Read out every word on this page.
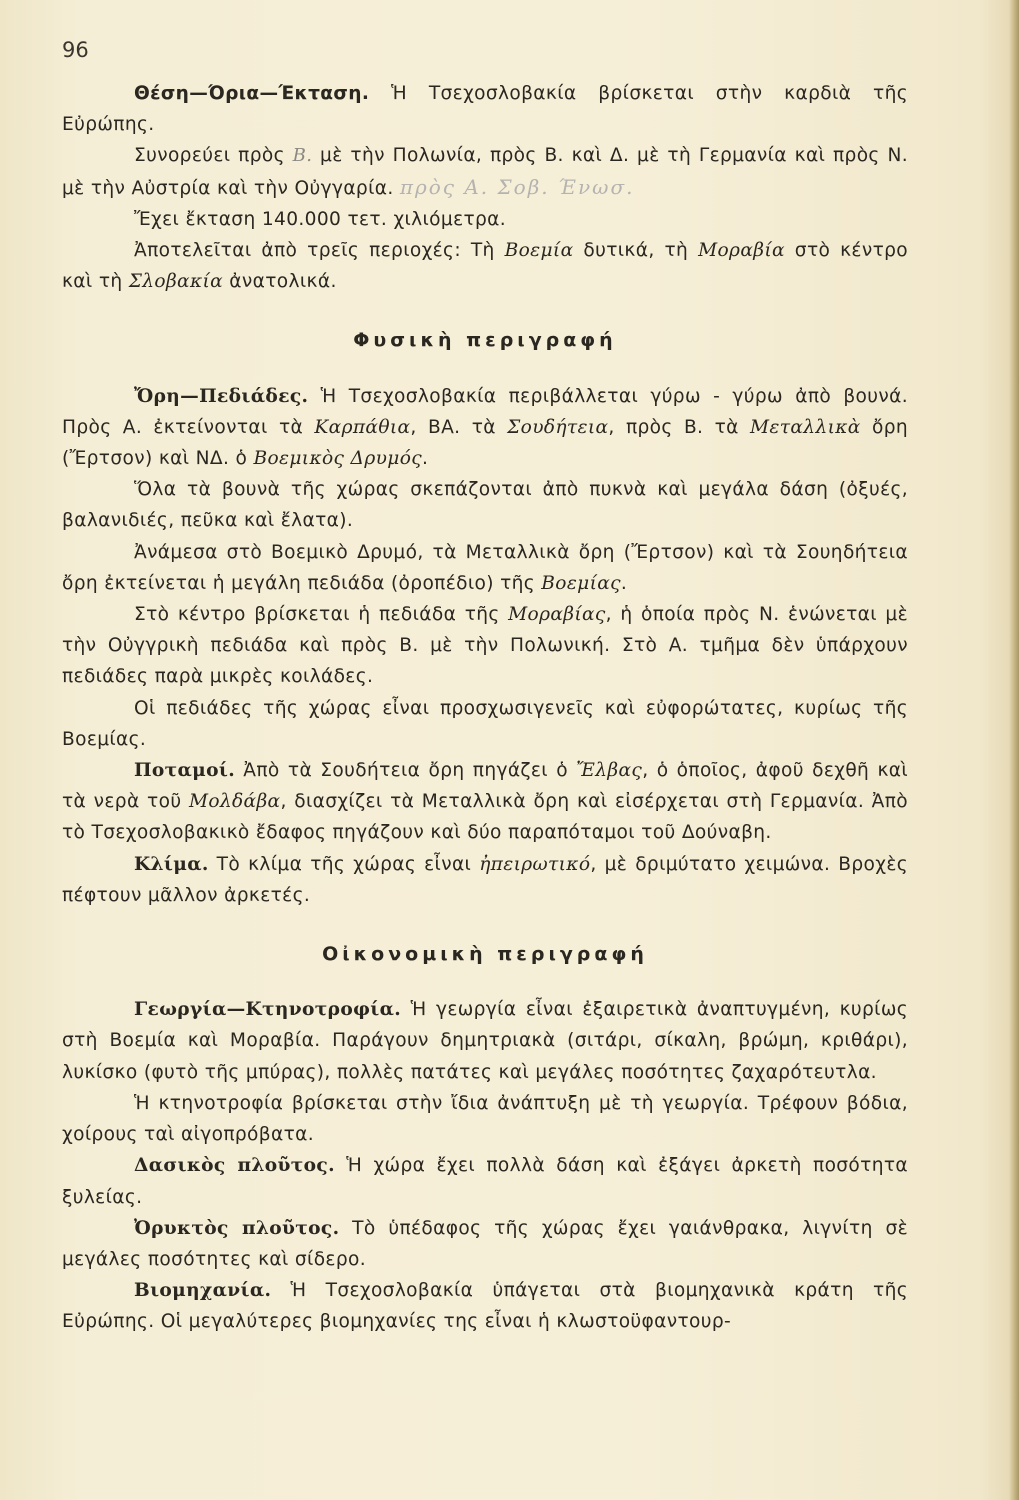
96

Θέση—Όρια—Έκταση. Ἡ Τσεχοσλοβακία βρίσκεται στὴν καρδιὰ τῆς Εὐρώπης.

Συνορεύει πρὸς Β. μὲ τὴν Πολωνία, πρὸς Β. καὶ Δ. μὲ τὴ Γερμανία καὶ πρὸς Ν. μὲ τὴν Αὐστρία καὶ τὴν Οὐγγαρία. πρὸς Α. Σοβ. Ένωσ.

Ἔχει ἔκταση 140.000 τετ. χιλιόμετρα.

Ἀποτελεῖται ἀπὸ τρεῖς περιοχές: Τὴ Βοεμία δυτικά, τὴ Μοραβία στὸ κέντρο καὶ τὴ Σλοβακία ἀνατολικά.

Φυσικὴ περιγραφή

Ὄρη—Πεδιάδες. Ἡ Τσεχοσλοβακία περιβάλλεται γύρω - γύρω ἀπὸ βουνά. Πρὸς Α. ἐκτείνονται τὰ Καρπάθια, ΒΑ. τὰ Σουδήτεια, πρὸς Β. τὰ Μεταλλικὰ ὄρη (Ἔρτσον) καὶ ΝΔ. ὁ Βοεμικὸς Δρυμός.

Ὅλα τὰ βουνὰ τῆς χώρας σκεπάζονται ἀπὸ πυκνὰ καὶ μεγάλα δάση (ὀξυές, βαλανιδιές, πεῦκα καὶ ἔλατα).

Ἀνάμεσα στὸ Βοεμικὸ Δρυμό, τὰ Μεταλλικὰ ὄρη (Ἔρτσον) καὶ τὰ Σουηδήτεια ὄρη ἐκτείνεται ἡ μεγάλη πεδιάδα (ὀροπέδιο) τῆς Βοεμίας.

Στὸ κέντρο βρίσκεται ἡ πεδιάδα τῆς Μοραβίας, ἡ ὁποία πρὸς Ν. ἑνώνεται μὲ τὴν Οὐγγρικὴ πεδιάδα καὶ πρὸς Β. μὲ τὴν Πολωνική. Στὸ Α. τμῆμα δὲν ὑπάρχουν πεδιάδες παρὰ μικρὲς κοιλάδες.

Οἱ πεδιάδες τῆς χώρας εἶναι προσχωσιγενεῖς καὶ εὐφορώτατες, κυρίως τῆς Βοεμίας.

Ποταμοί. Ἀπὸ τὰ Σουδήτεια ὄρη πηγάζει ὁ Ἔλβας, ὁ ὁποῖος, ἀφοῦ δεχθῆ καὶ τὰ νερὰ τοῦ Μολδάβα, διασχίζει τὰ Μεταλλικὰ ὄρη καὶ εἰσέρχεται στὴ Γερμανία. Ἀπὸ τὸ Τσεχοσλοβακικὸ ἔδαφος πηγάζουν καὶ δύο παραπόταμοι τοῦ Δούναβη.

Κλίμα. Τὸ κλίμα τῆς χώρας εἶναι ἠπειρωτικό, μὲ δριμύτατο χειμώνα. Βροχὲς πέφτουν μᾶλλον ἀρκετές.

Οἰκονομικὴ περιγραφή

Γεωργία—Κτηνοτροφία. Ἡ γεωργία εἶναι ἐξαιρετικὰ ἀναπτυγμένη, κυρίως στὴ Βοεμία καὶ Μοραβία. Παράγουν δημητριακὰ (σιτάρι, σίκαλη, βρώμη, κριθάρι), λυκίσκο (φυτὸ τῆς μπύρας), πολλὲς πατάτες καὶ μεγάλες ποσότητες ζαχαρότευτλα.

Ἡ κτηνοτροφία βρίσκεται στὴν ἴδια ἀνάπτυξη μὲ τὴ γεωργία. Τρέφουν βόδια, χοίρους ταὶ αἰγοπρόβατα.

Δασικὸς πλοῦτος. Ἡ χώρα ἔχει πολλὰ δάση καὶ ἐξάγει ἀρκετὴ ποσότητα ξυλείας.

Ὀρυκτὸς πλοῦτος. Τὸ ὑπέδαφος τῆς χώρας ἔχει γαιάνθρακα, λιγνίτη σὲ μεγάλες ποσότητες καὶ σίδερο.

Βιομηχανία. Ἡ Τσεχοσλοβακία ὑπάγεται στὰ βιομηχανικὰ κράτη τῆς Εὐρώπης. Οἱ μεγαλύτερες βιομηχανίες της εἶναι ἡ κλωστοϋφαντουρ-
